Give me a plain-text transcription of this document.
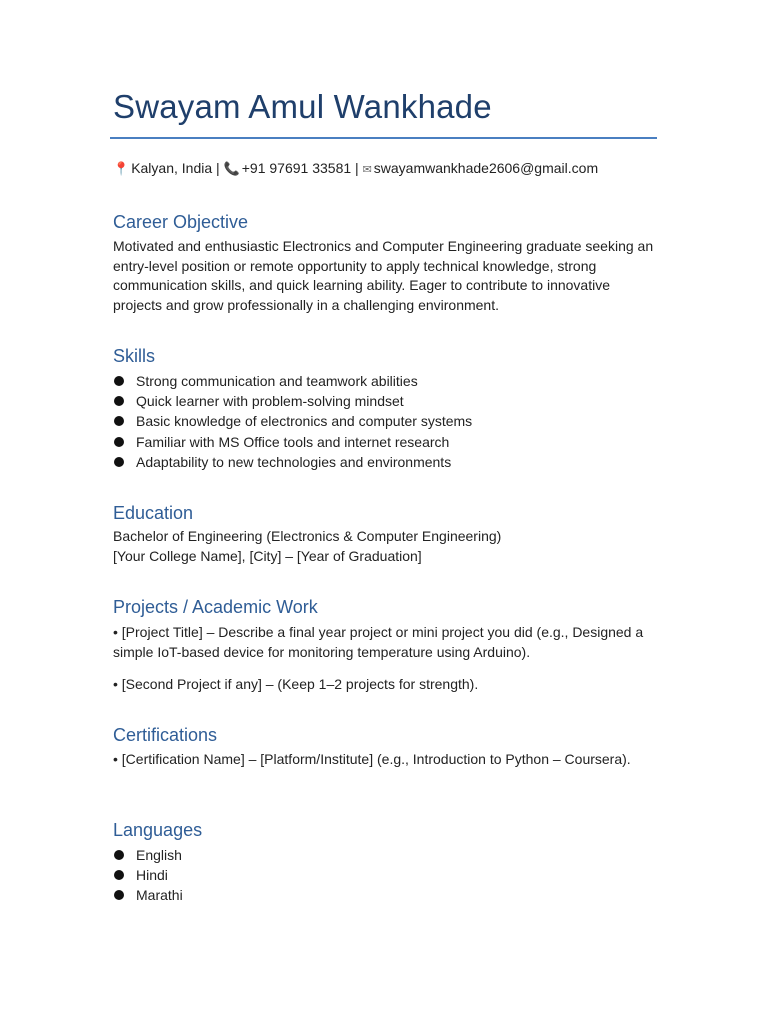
Swayam Amul Wankhade
📍 Kalyan, India | 📞 +91 97691 33581 | ✉ swayamwankhade2606@gmail.com
Career Objective

Motivated and enthusiastic Electronics and Computer Engineering graduate seeking an entry-level position or remote opportunity to apply technical knowledge, strong communication skills, and quick learning ability. Eager to contribute to innovative projects and grow professionally in a challenging environment.

Skills
Strong communication and teamwork abilities
Quick learner with problem-solving mindset
Basic knowledge of electronics and computer systems
Familiar with MS Office tools and internet research
Adaptability to new technologies and environments
Education

Bachelor of Engineering (Electronics & Computer Engineering)

[Your College Name], [City] – [Year of Graduation]

Projects / Academic Work

• [Project Title] – Describe a final year project or mini project you did (e.g., Designed a simple IoT-based device for monitoring temperature using Arduino).

• [Second Project if any] – (Keep 1–2 projects for strength).

Certifications

• [Certification Name] – [Platform/Institute] (e.g., Introduction to Python – Coursera).

Languages
English
Hindi
Marathi
